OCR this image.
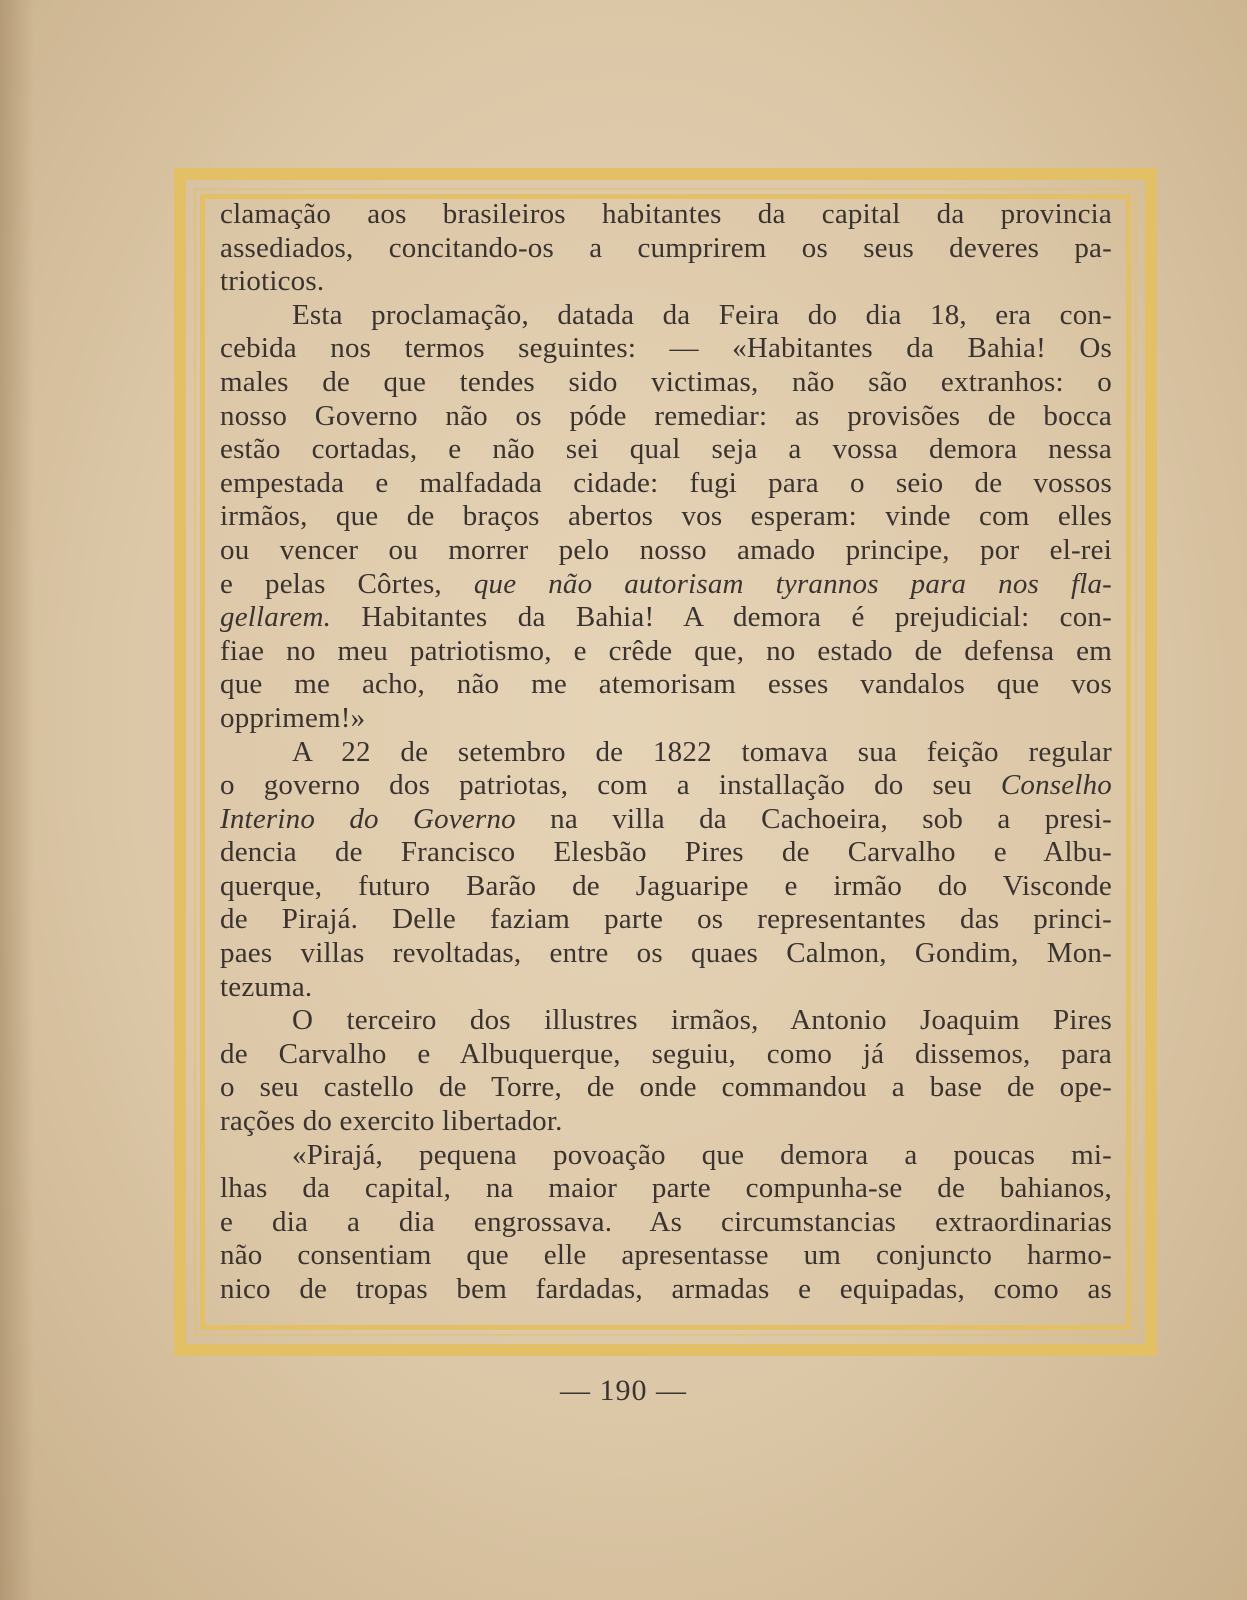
clamação aos brasileiros habitantes da capital da provincia
assediados, concitando-os a cumprirem os seus deveres pa-
trioticos.
Esta proclamação, datada da Feira do dia 18, era con-
cebida nos termos seguintes: — «Habitantes da Bahia! Os
males de que tendes sido victimas, não são extranhos: o
nosso Governo não os póde remediar: as provisões de bocca
estão cortadas, e não sei qual seja a vossa demora nessa
empestada e malfadada cidade: fugi para o seio de vossos
irmãos, que de braços abertos vos esperam: vinde com elles
ou vencer ou morrer pelo nosso amado principe, por el-rei
e pelas Côrtes, que não autorisam tyrannos para nos fla-
gellarem. Habitantes da Bahia! A demora é prejudicial: con-
fiae no meu patriotismo, e crêde que, no estado de defensa em
que me acho, não me atemorisam esses vandalos que vos
opprimem!»
A 22 de setembro de 1822 tomava sua feição regular
o governo dos patriotas, com a installação do seu Conselho
Interino do Governo na villa da Cachoeira, sob a presi-
dencia de Francisco Elesbão Pires de Carvalho e Albu-
querque, futuro Barão de Jaguaripe e irmão do Visconde
de Pirajá. Delle faziam parte os representantes das princi-
paes villas revoltadas, entre os quaes Calmon, Gondim, Mon-
tezuma.
O terceiro dos illustres irmãos, Antonio Joaquim Pires
de Carvalho e Albuquerque, seguiu, como já dissemos, para
o seu castello de Torre, de onde commandou a base de ope-
rações do exercito libertador.
«Pirajá, pequena povoação que demora a poucas mi-
lhas da capital, na maior parte compunha-se de bahianos,
e dia a dia engrossava. As circumstancias extraordinarias
não consentiam que elle apresentasse um conjuncto harmo-
nico de tropas bem fardadas, armadas e equipadas, como as
— 190 —
